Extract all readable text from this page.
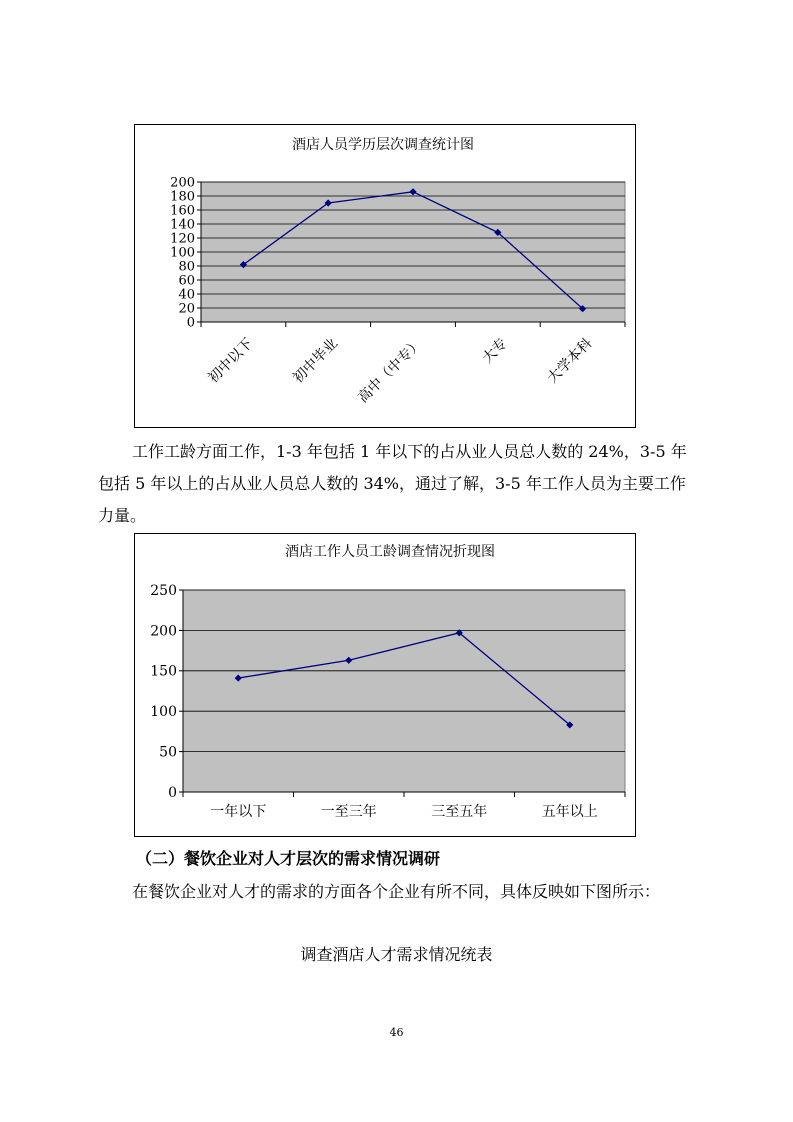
酒店人员学历层次调查统计图
0
20
40
60
80
100
120
140
160
180
200
初中以下 初中毕业 高中（中专）	大专 大学本科

工作工龄方面工作，1-3 年包括 1 年以下的占从业人员总人数的 24%，3-5 年包括 5 年以上的占从业人员总人数的 34%，通过了解，3-5 年工作人员为主要工作力量。

酒店工作人员工龄调查情况折现图
0
50
100
150
200
250
一年以下	一至三年	三至五年	五年以上
（二）餐饮企业对人才层次的需求情况调研

在餐饮企业对人才的需求的方面各个企业有所不同，具体反映如下图所示：

调查酒店人才需求情况统表
46
